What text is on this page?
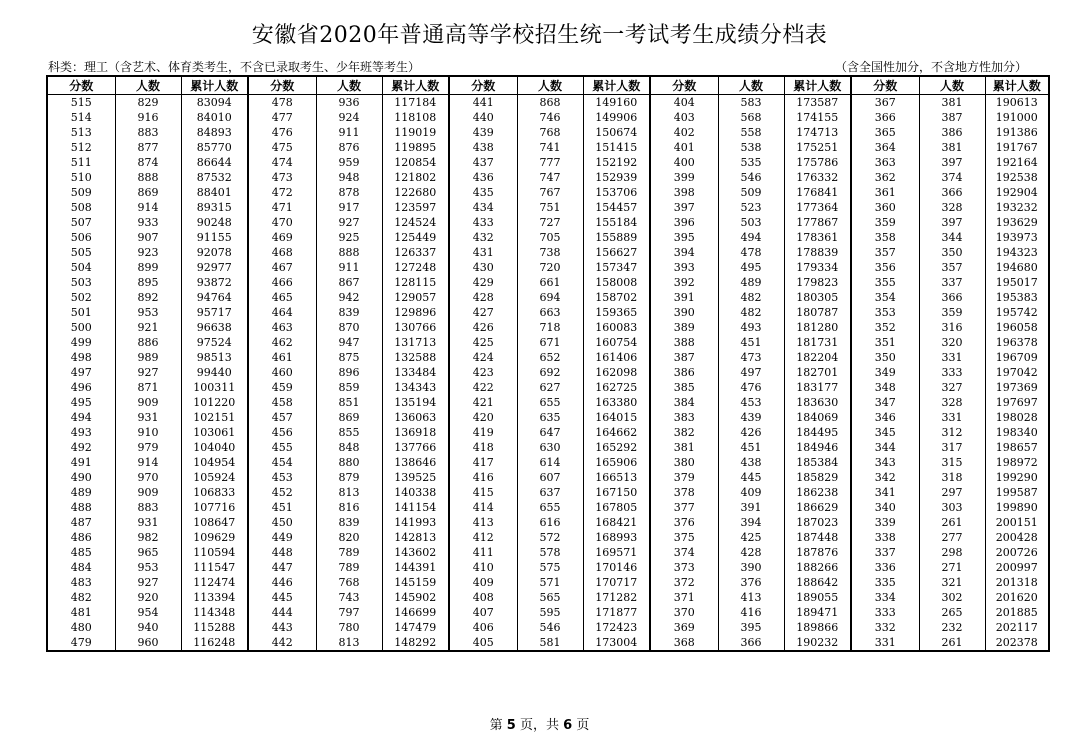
安徽省2020年普通高等学校招生统一考试考生成绩分档表
科类：理工（含艺术、体育类考生，不含已录取考生、少年班等考生）	（含全国性加分，不含地方性加分）
分数	人数	累计人数	分数	人数	累计人数	分数	人数	累计人数	分数	人数	累计人数	分数	人数	累计人数
515	829	83094	478	936	117184	441	868	149160	404	583	173587	367	381	190613
514	916	84010	477	924	118108	440	746	149906	403	568	174155	366	387	191000
513	883	84893	476	911	119019	439	768	150674	402	558	174713	365	386	191386
512	877	85770	475	876	119895	438	741	151415	401	538	175251	364	381	191767
511	874	86644	474	959	120854	437	777	152192	400	535	175786	363	397	192164
510	888	87532	473	948	121802	436	747	152939	399	546	176332	362	374	192538
509	869	88401	472	878	122680	435	767	153706	398	509	176841	361	366	192904
508	914	89315	471	917	123597	434	751	154457	397	523	177364	360	328	193232
507	933	90248	470	927	124524	433	727	155184	396	503	177867	359	397	193629
506	907	91155	469	925	125449	432	705	155889	395	494	178361	358	344	193973
505	923	92078	468	888	126337	431	738	156627	394	478	178839	357	350	194323
504	899	92977	467	911	127248	430	720	157347	393	495	179334	356	357	194680
503	895	93872	466	867	128115	429	661	158008	392	489	179823	355	337	195017
502	892	94764	465	942	129057	428	694	158702	391	482	180305	354	366	195383
501	953	95717	464	839	129896	427	663	159365	390	482	180787	353	359	195742
500	921	96638	463	870	130766	426	718	160083	389	493	181280	352	316	196058
499	886	97524	462	947	131713	425	671	160754	388	451	181731	351	320	196378
498	989	98513	461	875	132588	424	652	161406	387	473	182204	350	331	196709
497	927	99440	460	896	133484	423	692	162098	386	497	182701	349	333	197042
496	871	100311	459	859	134343	422	627	162725	385	476	183177	348	327	197369
495	909	101220	458	851	135194	421	655	163380	384	453	183630	347	328	197697
494	931	102151	457	869	136063	420	635	164015	383	439	184069	346	331	198028
493	910	103061	456	855	136918	419	647	164662	382	426	184495	345	312	198340
492	979	104040	455	848	137766	418	630	165292	381	451	184946	344	317	198657
491	914	104954	454	880	138646	417	614	165906	380	438	185384	343	315	198972
490	970	105924	453	879	139525	416	607	166513	379	445	185829	342	318	199290
489	909	106833	452	813	140338	415	637	167150	378	409	186238	341	297	199587
488	883	107716	451	816	141154	414	655	167805	377	391	186629	340	303	199890
487	931	108647	450	839	141993	413	616	168421	376	394	187023	339	261	200151
486	982	109629	449	820	142813	412	572	168993	375	425	187448	338	277	200428
485	965	110594	448	789	143602	411	578	169571	374	428	187876	337	298	200726
484	953	111547	447	789	144391	410	575	170146	373	390	188266	336	271	200997
483	927	112474	446	768	145159	409	571	170717	372	376	188642	335	321	201318
482	920	113394	445	743	145902	408	565	171282	371	413	189055	334	302	201620
481	954	114348	444	797	146699	407	595	171877	370	416	189471	333	265	201885
480	940	115288	443	780	147479	406	546	172423	369	395	189866	332	232	202117
479	960	116248	442	813	148292	405	581	173004	368	366	190232	331	261	202378
第 5 页，共 6 页
